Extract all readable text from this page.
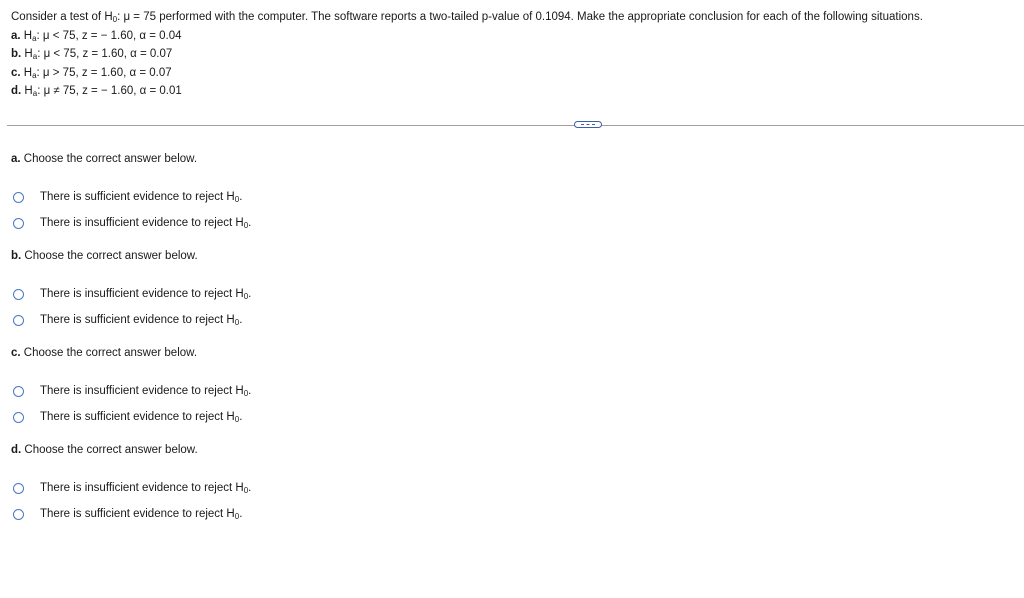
Consider a test of $H_0$: μ = 75 performed with the computer. The software reports a two-tailed p-value of 0.1094. Make the appropriate conclusion for each of the following situations.
a. $H_a$: μ < 75, z = − 1.60, α = 0.04
b. $H_a$: μ < 75, z = 1.60, α = 0.07
c. $H_a$: μ > 75, z = 1.60, α = 0.07
d. $H_a$: μ ≠ 75, z = − 1.60, α = 0.01
a. Choose the correct answer below.
There is sufficient evidence to reject $H_0$.
There is insufficient evidence to reject $H_0$.
b. Choose the correct answer below.
There is insufficient evidence to reject $H_0$.
There is sufficient evidence to reject $H_0$.
c. Choose the correct answer below.
There is insufficient evidence to reject $H_0$.
There is sufficient evidence to reject $H_0$.
d. Choose the correct answer below.
There is insufficient evidence to reject $H_0$.
There is sufficient evidence to reject $H_0$.
